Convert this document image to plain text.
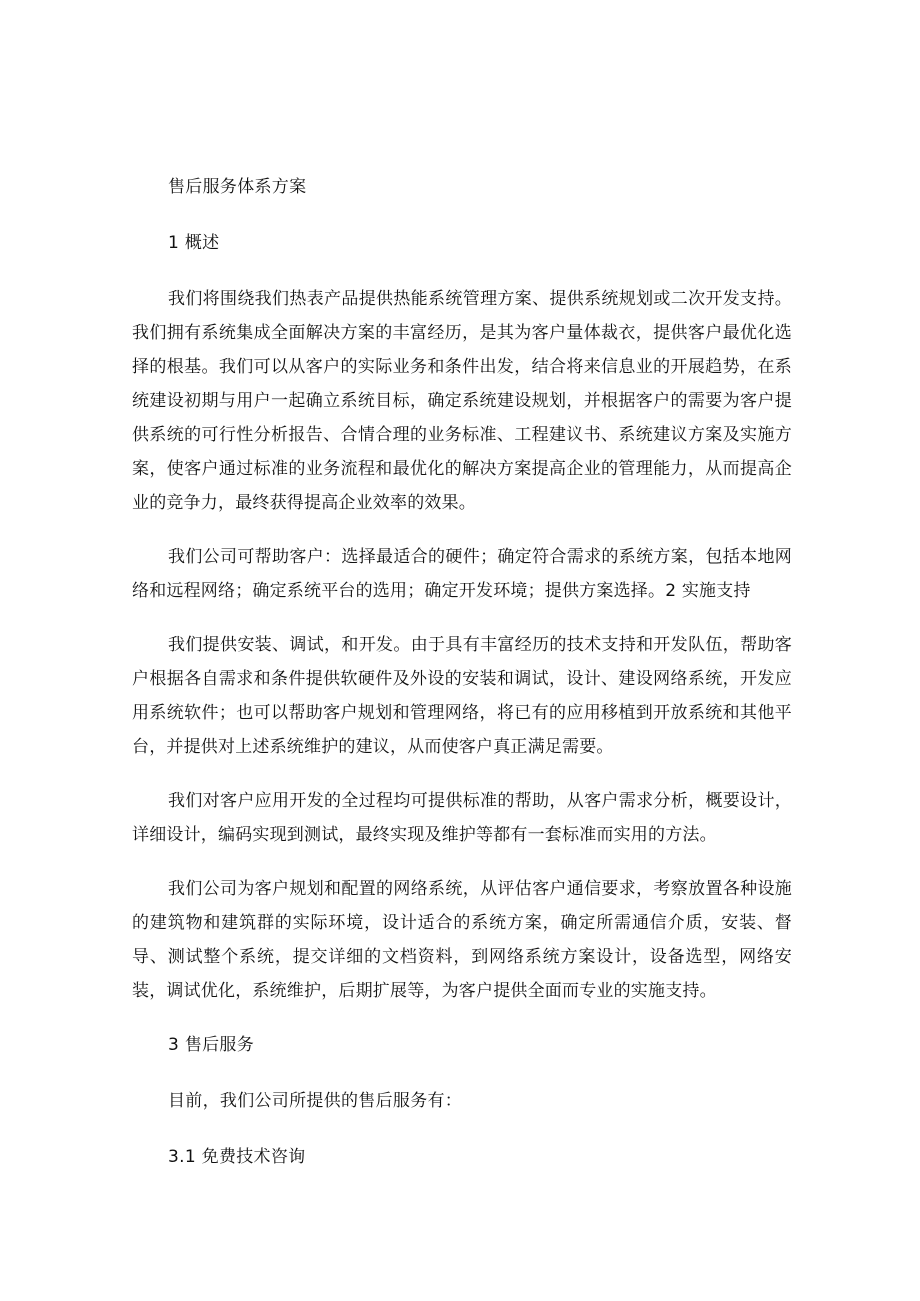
售后服务体系方案

1 概述

我们将围绕我们热表产品提供热能系统管理方案、提供系统规划或二次开发支持。我们拥有系统集成全面解决方案的丰富经历，是其为客户量体裁衣，提供客户最优化选择的根基。我们可以从客户的实际业务和条件出发，结合将来信息业的开展趋势，在系统建设初期与用户一起确立系统目标，确定系统建设规划，并根据客户的需要为客户提供系统的可行性分析报告、合情合理的业务标准、工程建议书、系统建议方案及实施方案，使客户通过标准的业务流程和最优化的解决方案提高企业的管理能力，从而提高企业的竞争力，最终获得提高企业效率的效果。

我们公司可帮助客户：选择最适合的硬件；确定符合需求的系统方案，包括本地网络和远程网络；确定系统平台的选用；确定开发环境；提供方案选择。2 实施支持

我们提供安装、调试，和开发。由于具有丰富经历的技术支持和开发队伍，帮助客户根据各自需求和条件提供软硬件及外设的安装和调试，设计、建设网络系统，开发应用系统软件；也可以帮助客户规划和管理网络，将已有的应用移植到开放系统和其他平台，并提供对上述系统维护的建议，从而使客户真正满足需要。

我们对客户应用开发的全过程均可提供标准的帮助，从客户需求分析，概要设计，详细设计，编码实现到测试，最终实现及维护等都有一套标准而实用的方法。

我们公司为客户规划和配置的网络系统，从评估客户通信要求，考察放置各种设施的建筑物和建筑群的实际环境，设计适合的系统方案，确定所需通信介质，安装、督导、测试整个系统，提交详细的文档资料，到网络系统方案设计，设备选型，网络安装，调试优化，系统维护，后期扩展等，为客户提供全面而专业的实施支持。

3 售后服务

目前，我们公司所提供的售后服务有：

3.1 免费技术咨询
